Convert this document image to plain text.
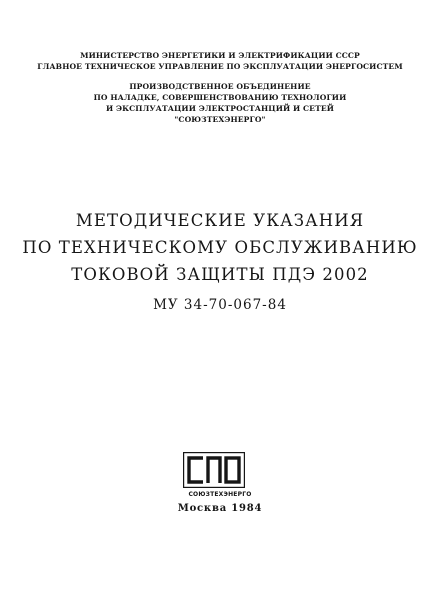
МИНИСТЕРСТВО ЭНЕРГЕТИКИ И ЭЛЕКТРИФИКАЦИИ СССР
ГЛАВНОЕ ТЕХНИЧЕСКОЕ УПРАВЛЕНИЕ ПО ЭКСПЛУАТАЦИИ ЭНЕРГОСИСТЕМ
ПРОИЗВОДСТВЕННОЕ ОБЪЕДИНЕНИЕ
ПО НАЛАДКЕ, СОВЕРШЕНСТВОВАНИЮ ТЕХНОЛОГИИ
И ЭКСПЛУАТАЦИИ ЭЛЕКТРОСТАНЦИЙ И СЕТЕЙ
"СОЮЗТЕХЭНЕРГО"
МЕТОДИЧЕСКИЕ УКАЗАНИЯ
ПО ТЕХНИЧЕСКОМУ ОБСЛУЖИВАНИЮ
ТОКОВОЙ ЗАЩИТЫ ПДЭ 2002
МУ 34-70-067-84
СОЮЗТЕХЭНЕРГО
Москва 1984
